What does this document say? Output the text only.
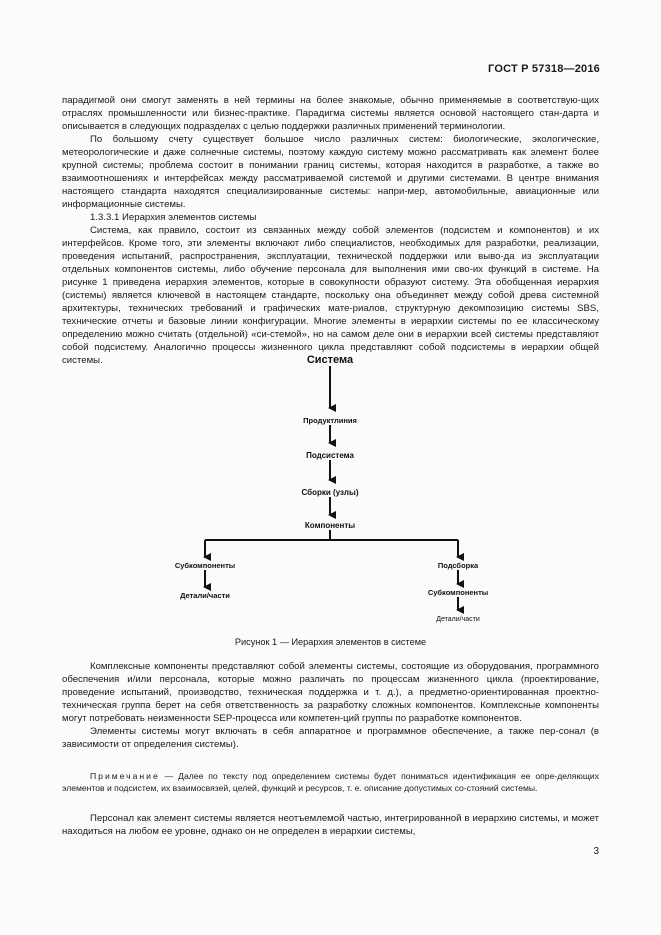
ГОСТ Р 57318—2016

парадигмой они смогут заменять в ней термины на более знакомые, обычно применяемые в соответствую-щих отраслях промышленности или бизнес-практике. Парадигма системы является основой настоящего стан-дарта и описывается в следующих подразделах с целью поддержки различных применений терминологии.

По большому счету существует большое число различных систем: биологические, экологические, метеорологические и даже солнечные системы, поэтому каждую систему можно рассматривать как элемент более крупной системы; проблема состоит в понимании границ системы, которая находится в разработке, а также во взаимоотношениях и интерфейсах между рассматриваемой системой и другими системами. В центре внимания настоящего стандарта находятся специализированные системы: напри-мер, автомобильные, авиационные или информационные системы.

1.3.3.1 Иерархия элементов системы

Система, как правило, состоит из связанных между собой элементов (подсистем и компонентов) и их интерфейсов. Кроме того, эти элементы включают либо специалистов, необходимых для разработки, реализации, проведения испытаний, распространения, эксплуатации, технической поддержки или выво-да из эксплуатации отдельных компонентов системы, либо обучение персонала для выполнения ими сво-их функций в системе. На рисунке 1 приведена иерархия элементов, которые в совокупности образуют систему. Эта обобщенная иерархия (системы) является ключевой в настоящем стандарте, поскольку она объединяет между собой древа системной архитектуры, технических требований и графических мате-риалов, структурную декомпозицию системы SBS, технические отчеты и базовые линии конфигурации. Многие элементы в иерархии системы по ее классическому определению можно считать (отдельной) «си-стемой», но на самом деле они в иерархии всей системы представляют собой подсистему. Аналогично процессы жизненного цикла представляют собой подсистемы в иерархии общей системы.	Система
Продуктлиния
Подсистема
Сборки (узлы)
Компоненты
Субкомпоненты
Детали/части
Подсборка
Субкомпоненты
Детали/части
Рисунок 1 — Иерархия элементов в системе

Комплексные компоненты представляют собой элементы системы, состоящие из оборудования, программного обеспечения и/или персонала, которые можно различать по процессам жизненного цикла (проектирование, проведение испытаний, производство, техническая поддержка и т. д.), а предметно-ориентированная проектно-техническая группа берет на себя ответственность за разработку сложных компонентов. Комплексные компоненты могут потребовать неизменности SEP-процесса или компетен-ций группы по разработке компонентов.

Элементы системы могут включать в себя аппаратное и программное обеспечение, а также пер-сонал (в зависимости от определения системы).

Примечание — Далее по тексту под определением системы будет пониматься идентификация ее опре-деляющих элементов и подсистем, их взаимосвязей, целей, функций и ресурсов, т. е. описание допустимых со-стояний системы.

Персонал как элемент системы является неотъемлемой частью, интегрированной в иерархию системы, и может находиться на любом ее уровне, однако он не определен в иерархии системы,

3
